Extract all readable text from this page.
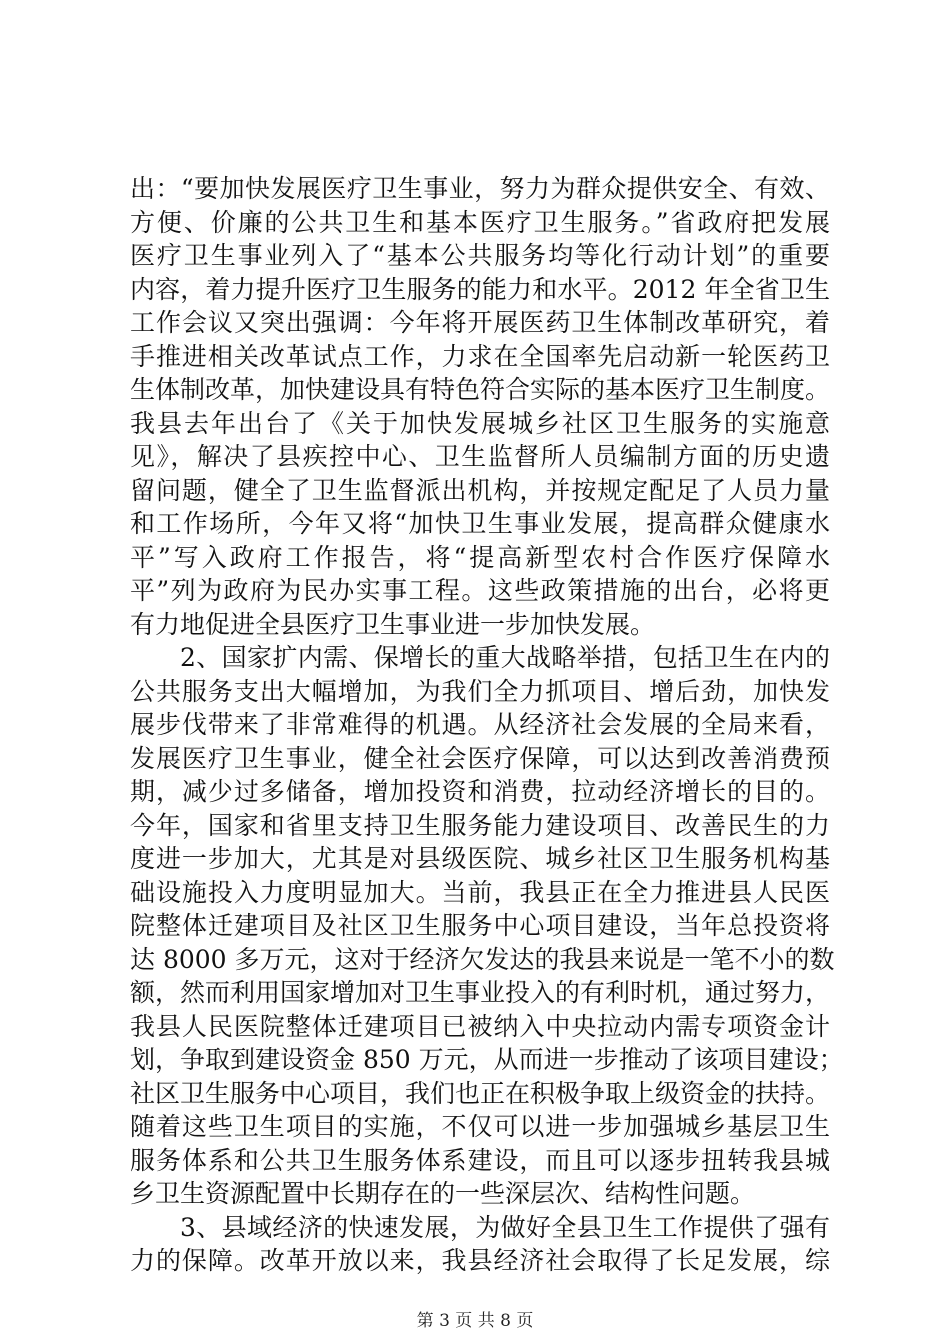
出：“要加快发展医疗卫生事业，努力为群众提供安全、有效、
方便、价廉的公共卫生和基本医疗卫生服务。”省政府把发展
医疗卫生事业列入了“基本公共服务均等化行动计划”的重要
内容，着力提升医疗卫生服务的能力和水平。2012 年全省卫生
工作会议又突出强调：今年将开展医药卫生体制改革研究，着
手推进相关改革试点工作，力求在全国率先启动新一轮医药卫
生体制改革，加快建设具有特色符合实际的基本医疗卫生制度。
我县去年出台了《关于加快发展城乡社区卫生服务的实施意
见》，解决了县疾控中心、卫生监督所人员编制方面的历史遗
留问题，健全了卫生监督派出机构，并按规定配足了人员力量
和工作场所，今年又将“加快卫生事业发展，提高群众健康水
平”写入政府工作报告，将“提高新型农村合作医疗保障水
平”列为政府为民办实事工程。这些政策措施的出台，必将更
有力地促进全县医疗卫生事业进一步加快发展。
2、国家扩内需、保增长的重大战略举措，包括卫生在内的
公共服务支出大幅增加，为我们全力抓项目、增后劲，加快发
展步伐带来了非常难得的机遇。从经济社会发展的全局来看，
发展医疗卫生事业，健全社会医疗保障，可以达到改善消费预
期，减少过多储备，增加投资和消费，拉动经济增长的目的。
今年，国家和省里支持卫生服务能力建设项目、改善民生的力
度进一步加大，尤其是对县级医院、城乡社区卫生服务机构基
础设施投入力度明显加大。当前，我县正在全力推进县人民医
院整体迁建项目及社区卫生服务中心项目建设，当年总投资将
达 8000 多万元，这对于经济欠发达的我县来说是一笔不小的数
额，然而利用国家增加对卫生事业投入的有利时机，通过努力，
我县人民医院整体迁建项目已被纳入中央拉动内需专项资金计
划，争取到建设资金 850 万元，从而进一步推动了该项目建设；
社区卫生服务中心项目，我们也正在积极争取上级资金的扶持。
随着这些卫生项目的实施，不仅可以进一步加强城乡基层卫生
服务体系和公共卫生服务体系建设，而且可以逐步扭转我县城
乡卫生资源配置中长期存在的一些深层次、结构性问题。
3、县域经济的快速发展，为做好全县卫生工作提供了强有
力的保障。改革开放以来，我县经济社会取得了长足发展，综
第 3 页 共 8 页
